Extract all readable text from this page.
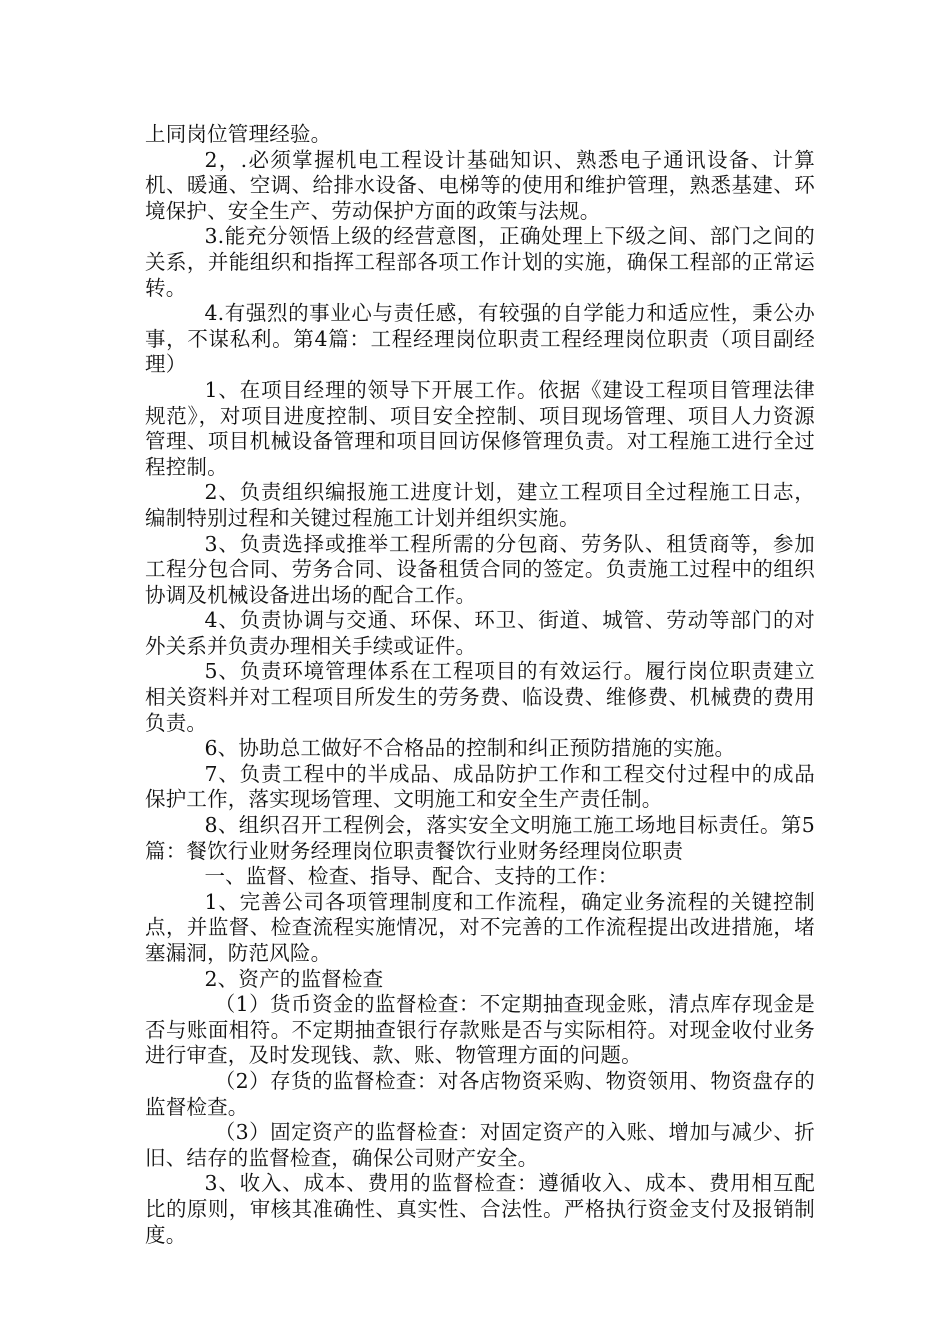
上同岗位管理经验。

2，.必须掌握机电工程设计基础知识、熟悉电子通讯设备、计算机、暖通、空调、给排水设备、电梯等的使用和维护管理，熟悉基建、环境保护、安全生产、劳动保护方面的政策与法规。

3.能充分领悟上级的经营意图，正确处理上下级之间、部门之间的关系，并能组织和指挥工程部各项工作计划的实施，确保工程部的正常运转。

4.有强烈的事业心与责任感，有较强的自学能力和适应性，秉公办事，不谋私利。第4篇：工程经理岗位职责工程经理岗位职责（项目副经理）

1、在项目经理的领导下开展工作。依据《建设工程项目管理法律规范》，对项目进度控制、项目安全控制、项目现场管理、项目人力资源管理、项目机械设备管理和项目回访保修管理负责。对工程施工进行全过程控制。

2、负责组织编报施工进度计划，建立工程项目全过程施工日志，编制特别过程和关键过程施工计划并组织实施。

3、负责选择或推举工程所需的分包商、劳务队、租赁商等，参加工程分包合同、劳务合同、设备租赁合同的签定。负责施工过程中的组织协调及机械设备进出场的配合工作。

4、负责协调与交通、环保、环卫、街道、城管、劳动等部门的对外关系并负责办理相关手续或证件。

5、负责环境管理体系在工程项目的有效运行。履行岗位职责建立相关资料并对工程项目所发生的劳务费、临设费、维修费、机械费的费用负责。

6、协助总工做好不合格品的控制和纠正预防措施的实施。

7、负责工程中的半成品、成品防护工作和工程交付过程中的成品保护工作，落实现场管理、文明施工和安全生产责任制。

8、组织召开工程例会，落实安全文明施工施工场地目标责任。第5篇：餐饮行业财务经理岗位职责餐饮行业财务经理岗位职责

一、监督、检查、指导、配合、支持的工作：

1、完善公司各项管理制度和工作流程，确定业务流程的关键控制点，并监督、检查流程实施情况，对不完善的工作流程提出改进措施，堵塞漏洞，防范风险。

2、资产的监督检查

（1）货币资金的监督检查：不定期抽查现金账，清点库存现金是否与账面相符。不定期抽查银行存款账是否与实际相符。对现金收付业务进行审查，及时发现钱、款、账、物管理方面的问题。

（2）存货的监督检查：对各店物资采购、物资领用、物资盘存的监督检查。

（3）固定资产的监督检查：对固定资产的入账、增加与减少、折旧、结存的监督检查，确保公司财产安全。

3、收入、成本、费用的监督检查：遵循收入、成本、费用相互配比的原则，审核其准确性、真实性、合法性。严格执行资金支付及报销制度。
